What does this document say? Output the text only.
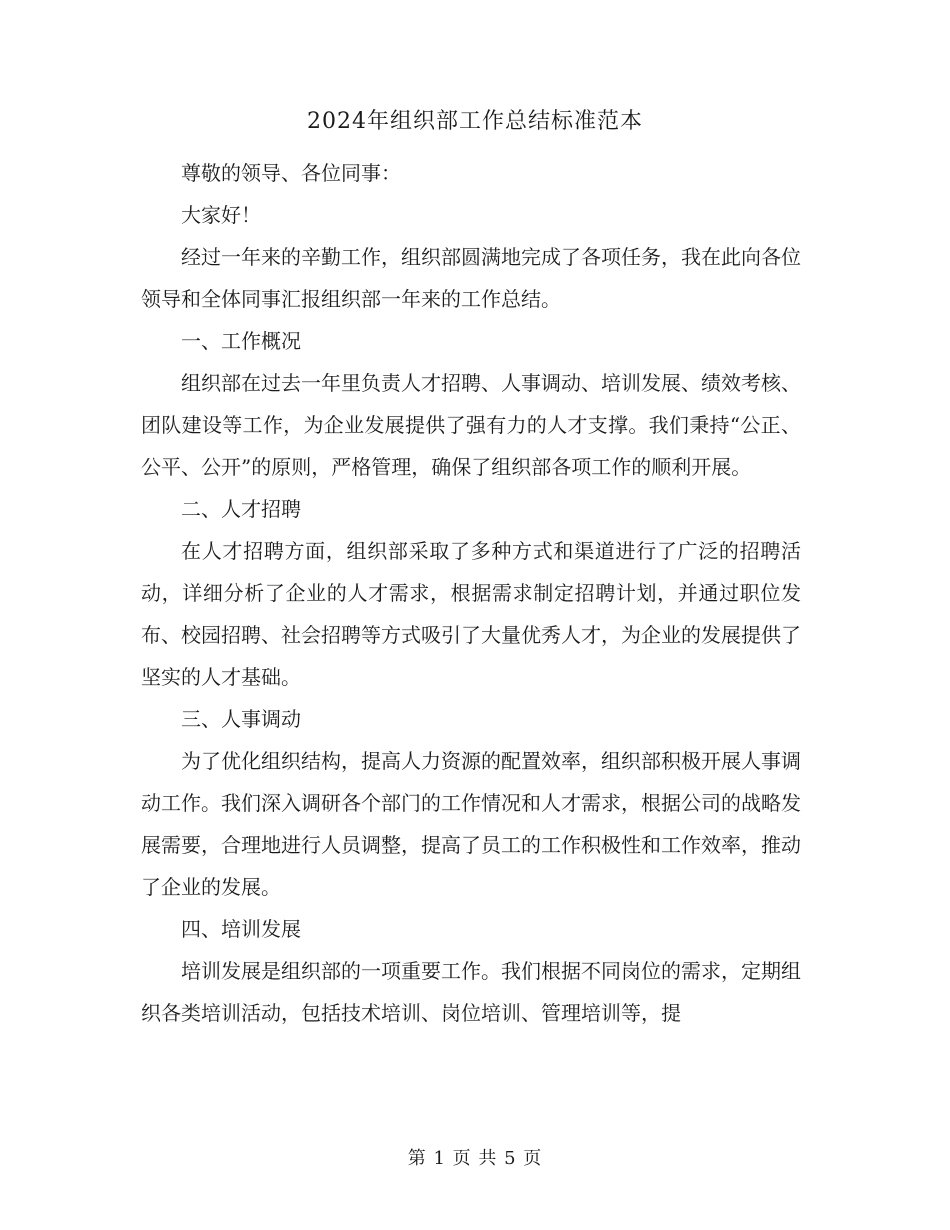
2024年组织部工作总结标准范本

尊敬的领导、各位同事：

大家好！

经过一年来的辛勤工作，组织部圆满地完成了各项任务，我在此向各位领导和全体同事汇报组织部一年来的工作总结。

一、工作概况

组织部在过去一年里负责人才招聘、人事调动、培训发展、绩效考核、团队建设等工作，为企业发展提供了强有力的人才支撑。我们秉持“公正、公平、公开”的原则，严格管理，确保了组织部各项工作的顺利开展。

二、人才招聘

在人才招聘方面，组织部采取了多种方式和渠道进行了广泛的招聘活动，详细分析了企业的人才需求，根据需求制定招聘计划，并通过职位发布、校园招聘、社会招聘等方式吸引了大量优秀人才，为企业的发展提供了坚实的人才基础。

三、人事调动

为了优化组织结构，提高人力资源的配置效率，组织部积极开展人事调动工作。我们深入调研各个部门的工作情况和人才需求，根据公司的战略发展需要，合理地进行人员调整，提高了员工的工作积极性和工作效率，推动了企业的发展。

四、培训发展

培训发展是组织部的一项重要工作。我们根据不同岗位的需求，定期组织各类培训活动，包括技术培训、岗位培训、管理培训等，提

第 1 页 共 5 页
